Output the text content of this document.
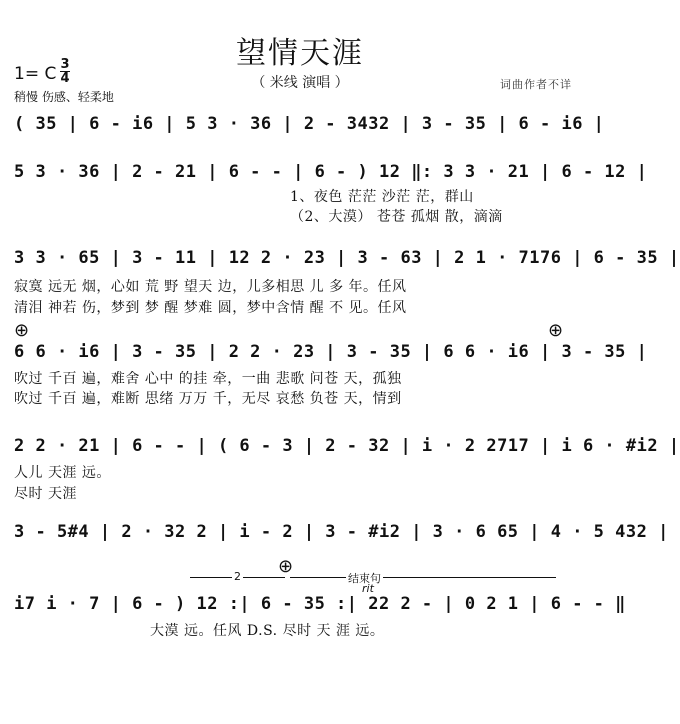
望情天涯
（ 米线 演唱 ）
1= C 3
4
稍慢 伤感、轻柔地
词曲作者不详
( 35 | 6 - i6 | 5 3 · 36 | 2 - 3432 | 3 - 35 | 6 - i6 |
5 3 · 36 | 2 - 21 | 6 - - | 6 - ) 12 ‖: 3 3 · 21 | 6 - 12 |
1、夜色 茫茫 沙茫 茫，群山
（2、大漠） 苍苍 孤烟 散，滴滴
3 3 · 65 | 3 - 11 | 12 2 · 23 | 3 - 63 | 2 1 · 7176 | 6 - 35 |
寂寞 远无 烟，心如 荒 野 望天 边，儿多相思 儿 多 年。任风
清泪 神若 伤，梦到 梦 醒 梦难 圆，梦中含情 醒 不 见。任风
⊕	⊕
6 6 · i6 | 3 - 35 | 2 2 · 23 | 3 - 35 | 6 6 · i6 | 3 - 35 |
吹过 千百 遍，难舍 心中 的挂 牵，一曲 悲歌 问苍 天，孤独
吹过 千百 遍，难断 思绪 万万 千，无尽 哀愁 负苍 天，情到
2 2 · 21 | 6 - - | ( 6 - 3 | 2 - 32 | i · 2 2717 | i 6 · #i2 |
人儿 天涯 远。
尽时 天涯
3 - 5#4 | 2 · 32 2 | i - 2 | 3 - #i2 | 3 · 6 65 | 4 · 5 432 |
⊕
2	结束句
rit
i7 i · 7 | 6 - ) 12 :| 6 - 35 :| 22 2 - | 0 2 1 | 6 - - ‖
大漠 远。任风 D.S. 尽时 天 涯 远。
